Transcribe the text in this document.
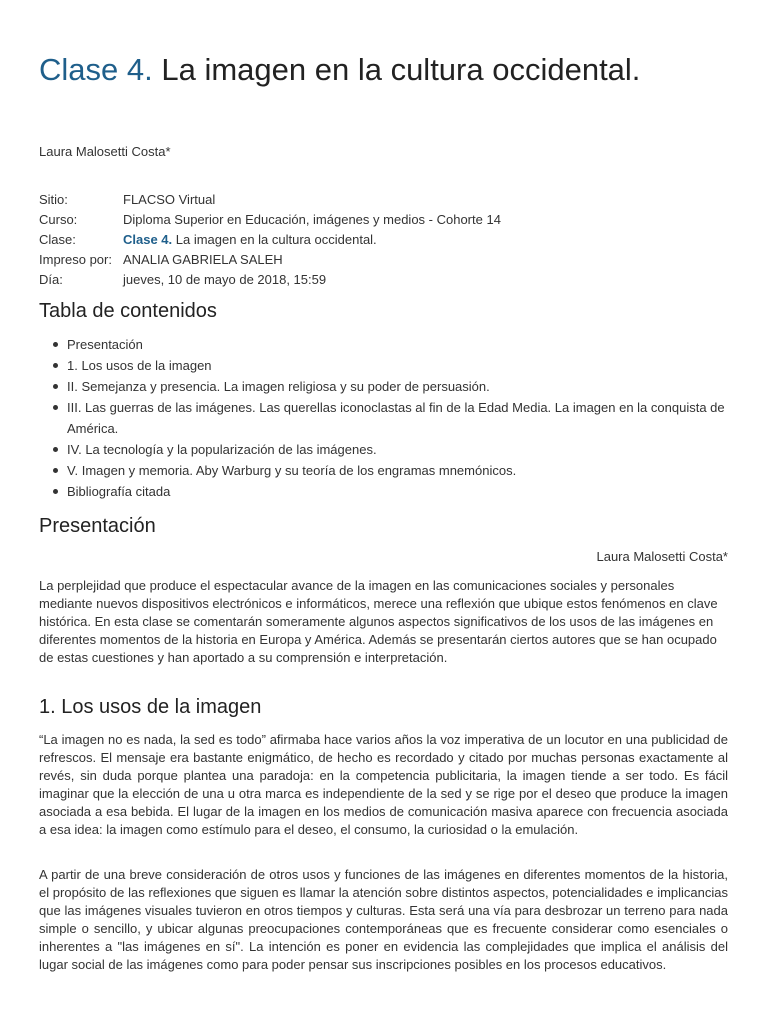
Clase 4. La imagen en la cultura occidental.
Laura Malosetti Costa*
Sitio:	FLACSO Virtual
Curso:	Diploma Superior en Educación, imágenes y medios - Cohorte 14
Clase:	Clase 4. La imagen en la cultura occidental.
Impreso por:	ANALIA GABRIELA SALEH
Día:	jueves, 10 de mayo de 2018, 15:59
Tabla de contenidos
Presentación
1. Los usos de la imagen
II. Semejanza y presencia. La imagen religiosa y su poder de persuasión.
III. Las guerras de las imágenes. Las querellas iconoclastas al fin de la Edad Media. La imagen en la conquista de América.
IV. La tecnología y la popularización de las imágenes.
V. Imagen y memoria. Aby Warburg y su teoría de los engramas mnemónicos.
Bibliografía citada
Presentación
Laura Malosetti Costa*

La perplejidad que produce el espectacular avance de la imagen en las comunicaciones sociales y personales mediante nuevos dispositivos electrónicos e informáticos, merece una reflexión que ubique estos fenómenos en clave histórica. En esta clase se comentarán someramente algunos aspectos significativos de los usos de las imágenes en diferentes momentos de la historia en Europa y América. Además se presentarán ciertos autores que se han ocupado de estas cuestiones y han aportado a su comprensión e interpretación.

1. Los usos de la imagen

“La imagen no es nada, la sed es todo” afirmaba hace varios años la voz imperativa de un locutor en una publicidad de refrescos. El mensaje era bastante enigmático, de hecho es recordado y citado por muchas personas exactamente al revés, sin duda porque plantea una paradoja: en la competencia publicitaria, la imagen tiende a ser todo. Es fácil imaginar que la elección de una u otra marca es independiente de la sed y se rige por el deseo que produce la imagen asociada a esa bebida. El lugar de la imagen en los medios de comunicación masiva aparece con frecuencia asociada a esa idea: la imagen como estímulo para el deseo, el consumo, la curiosidad o la emulación.

A partir de una breve consideración de otros usos y funciones de las imágenes en diferentes momentos de la historia, el propósito de las reflexiones que siguen es llamar la atención sobre distintos aspectos, potencialidades e implicancias que las imágenes visuales tuvieron en otros tiempos y culturas. Esta será una vía para desbrozar un terreno para nada simple o sencillo, y ubicar algunas preocupaciones contemporáneas que es frecuente considerar como esenciales o inherentes a "las imágenes en sí". La intención es poner en evidencia las complejidades que implica el análisis del lugar social de las imágenes como para poder pensar sus inscripciones posibles en los procesos educativos.
